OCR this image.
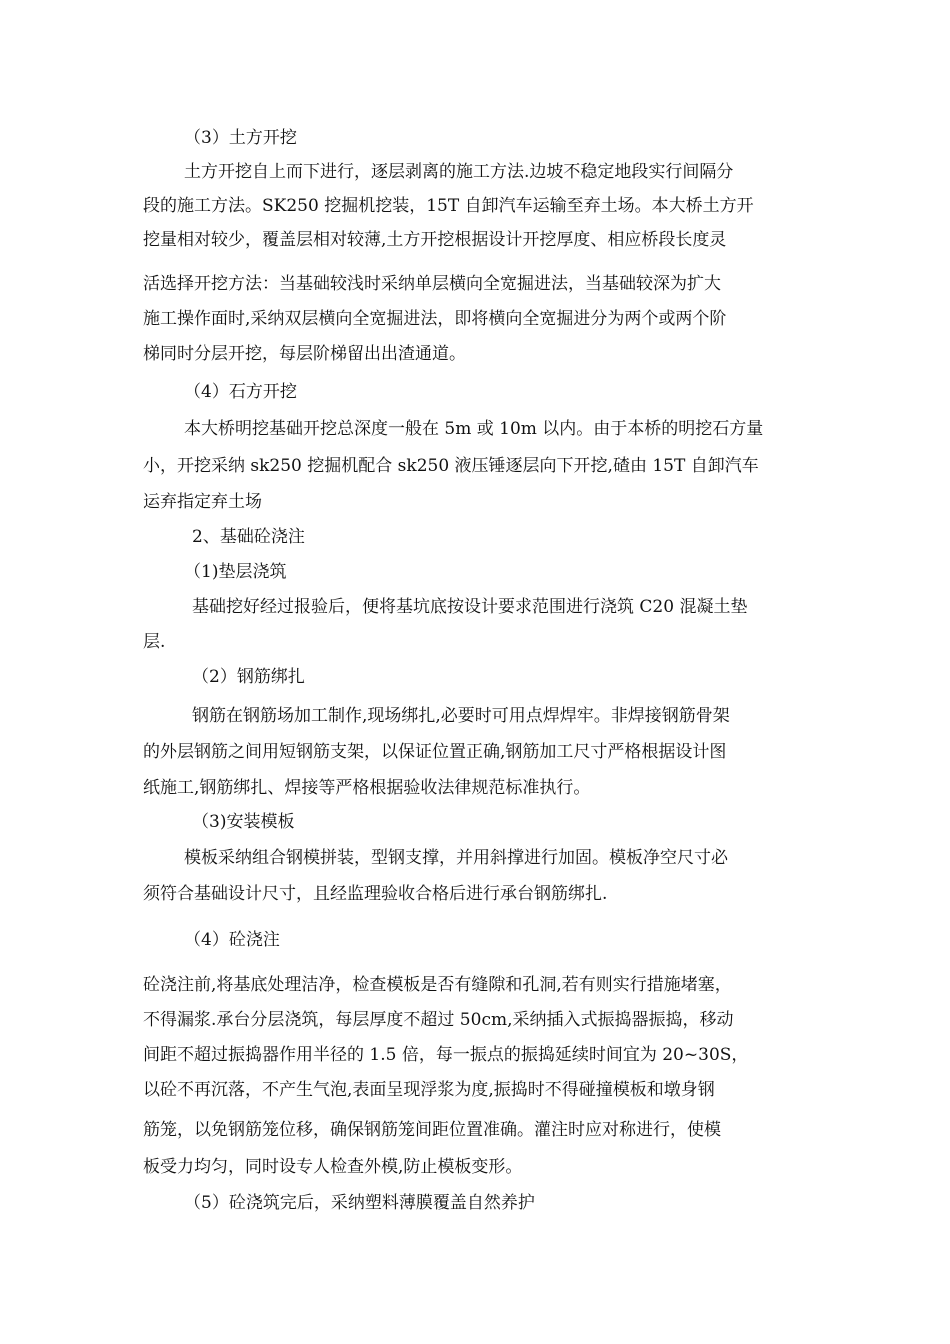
（3）土方开挖
土方开挖自上而下进行，逐层剥离的施工方法.边坡不稳定地段实行间隔分
段的施工方法。SK250 挖掘机挖装，15T 自卸汽车运输至弃土场。本大桥土方开
挖量相对较少，覆盖层相对较薄,土方开挖根据设计开挖厚度、相应桥段长度灵
活选择开挖方法：当基础较浅时采纳单层横向全宽掘进法，当基础较深为扩大
施工操作面时,采纳双层横向全宽掘进法，即将横向全宽掘进分为两个或两个阶
梯同时分层开挖，每层阶梯留出出渣通道。
（4）石方开挖
本大桥明挖基础开挖总深度一般在 5m 或 10m 以内。由于本桥的明挖石方量
小，开挖采纳 sk250 挖掘机配合 sk250 液压锤逐层向下开挖,碴由 15T 自卸汽车
运弃指定弃土场
2、基础砼浇注
（1)垫层浇筑
基础挖好经过报验后，便将基坑底按设计要求范围进行浇筑 C20 混凝土垫
层.
（2）钢筋绑扎
钢筋在钢筋场加工制作,现场绑扎,必要时可用点焊焊牢。非焊接钢筋骨架
的外层钢筋之间用短钢筋支架，以保证位置正确,钢筋加工尺寸严格根据设计图
纸施工,钢筋绑扎、焊接等严格根据验收法律规范标准执行。
（3)安装模板
模板采纳组合钢模拼装，型钢支撑，并用斜撑进行加固。模板净空尺寸必
须符合基础设计尺寸，且经监理验收合格后进行承台钢筋绑扎.
（4）砼浇注
砼浇注前,将基底处理洁净，检查模板是否有缝隙和孔洞,若有则实行措施堵塞，
不得漏浆.承台分层浇筑，每层厚度不超过 50cm,采纳插入式振捣器振捣，移动
间距不超过振捣器作用半径的 1.5 倍，每一振点的振捣延续时间宜为 20~30S，
以砼不再沉落，不产生气泡,表面呈现浮浆为度,振捣时不得碰撞模板和墩身钢
筋笼，以免钢筋笼位移，确保钢筋笼间距位置准确。灌注时应对称进行，使模
板受力均匀，同时设专人检查外模,防止模板变形。
（5）砼浇筑完后，采纳塑料薄膜覆盖自然养护
